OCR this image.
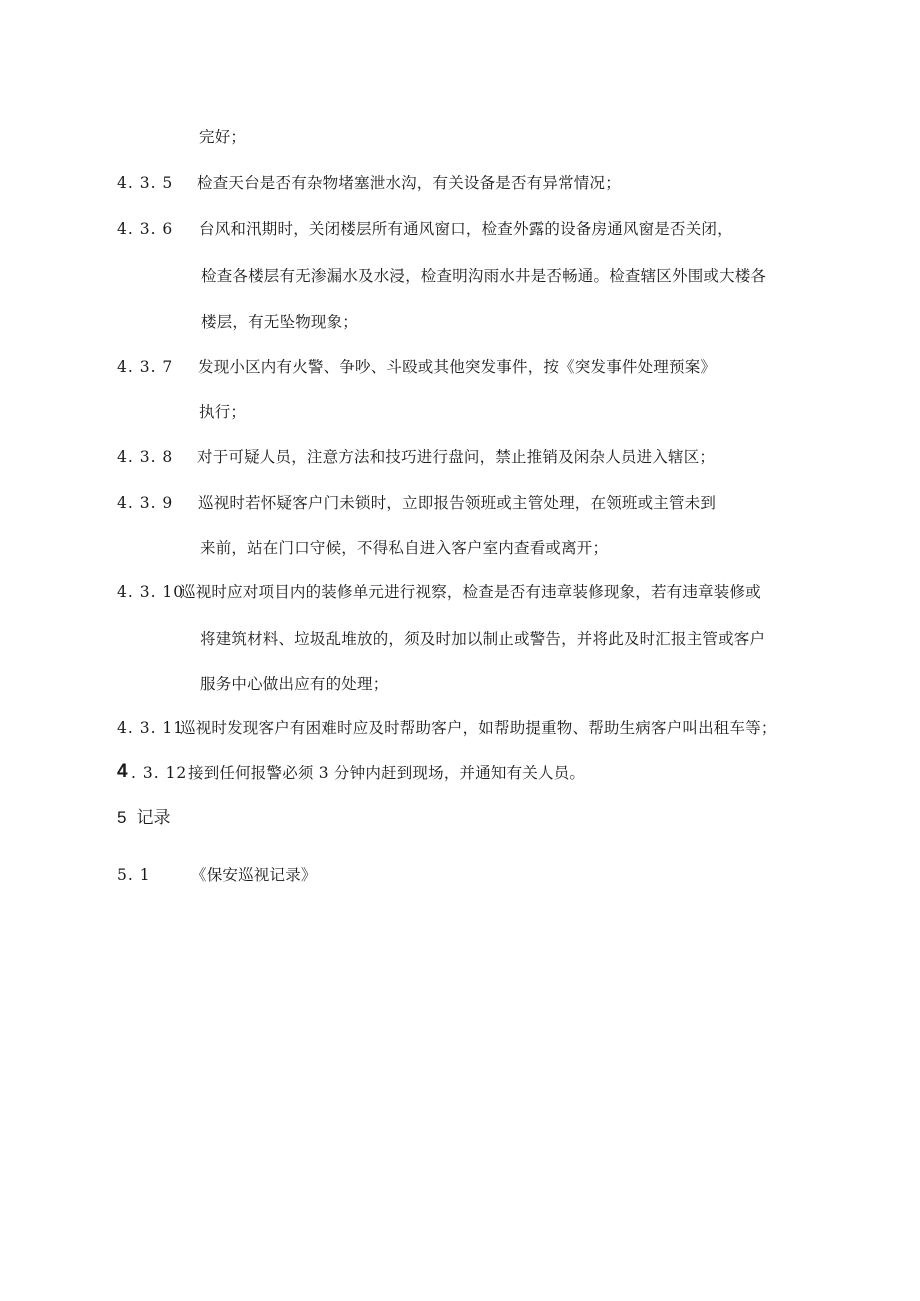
完好；
4. 3. 5 检查天台是否有杂物堵塞泄水沟，有关设备是否有异常情况；
4. 3. 6 台风和汛期时，关闭楼层所有通风窗口，检查外露的设备房通风窗是否关闭，
检查各楼层有无渗漏水及水浸，检查明沟雨水井是否畅通。检查辖区外围或大楼各
楼层，有无坠物现象；
4. 3. 7 发现小区内有火警、争吵、斗殴或其他突发事件，按《突发事件处理预案》
执行；
4. 3. 8 对于可疑人员，注意方法和技巧进行盘问，禁止推销及闲杂人员进入辖区；
4. 3. 9 巡视时若怀疑客户门未锁时，立即报告领班或主管处理，在领班或主管未到
来前，站在门口守候，不得私自进入客户室内查看或离开；
4. 3. 10
巡视时应对项目内的装修单元进行视察，检查是否有违章装修现象，若有违章装修或
将建筑材料、垃圾乱堆放的，须及时加以制止或警告，并将此及时汇报主管或客户
服务中心做出应有的处理；
4. 3. 11
巡视时发现客户有困难时应及时帮助客户，如帮助提重物、帮助生病客户叫出租车等；
4 . 3. 12 接到任何报警必须 3 分钟内赶到现场，并通知有关人员。
5 记录
5. 1	《保安巡视记录》
